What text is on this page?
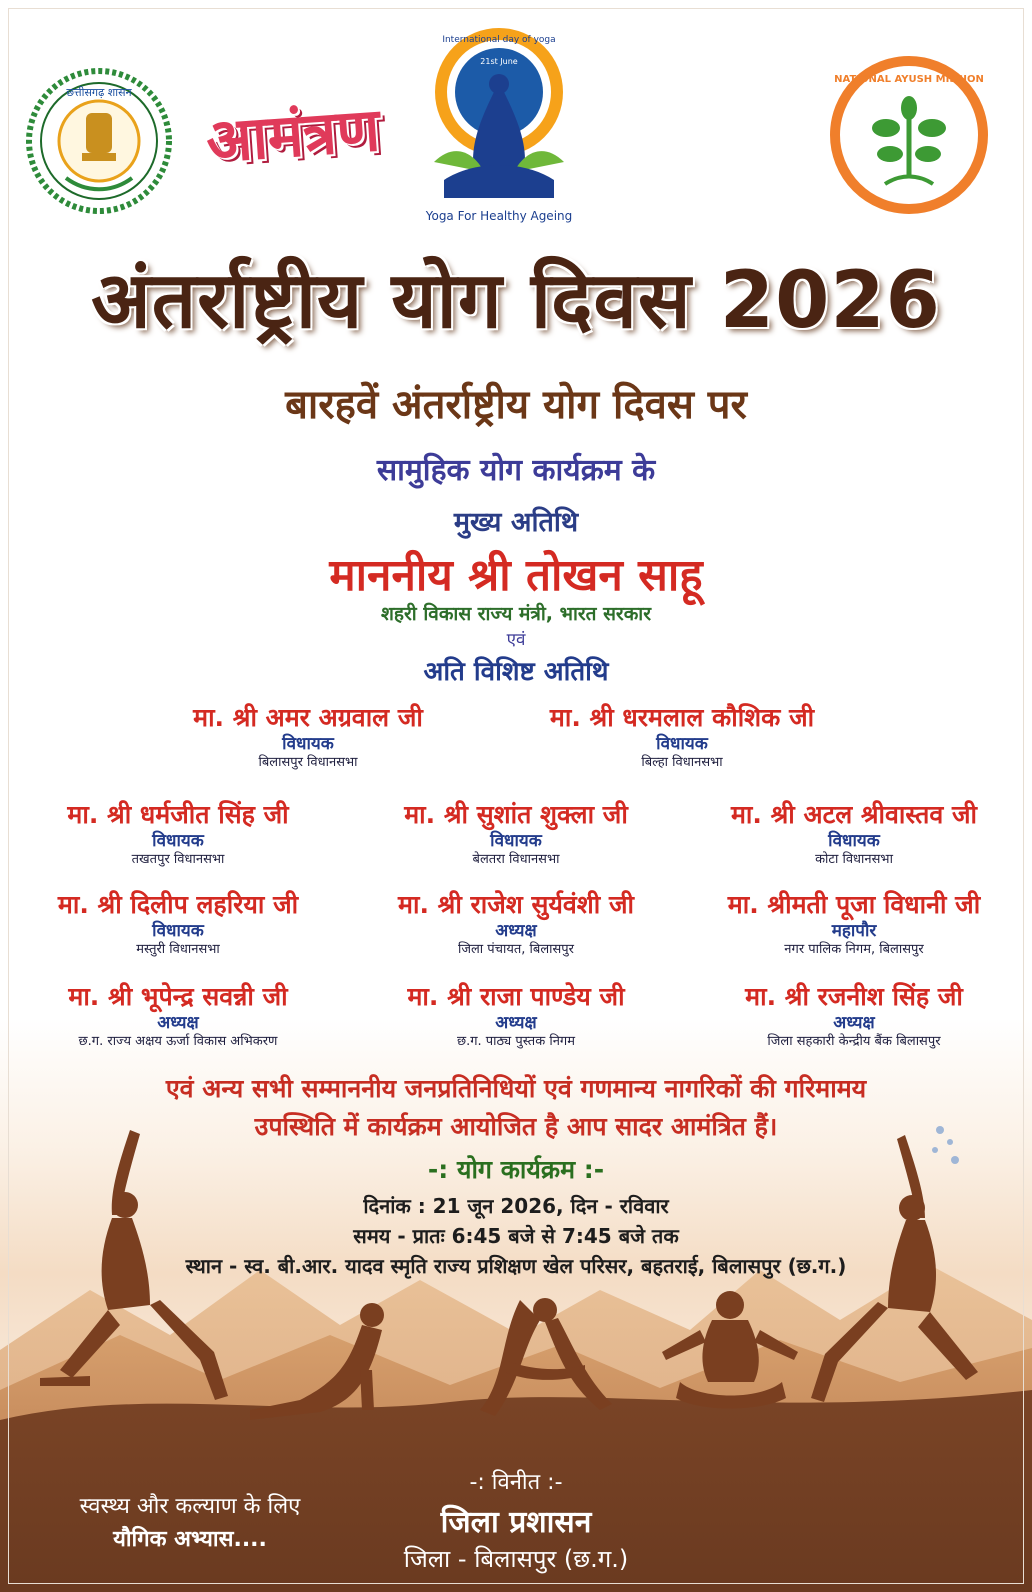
छत्तीसगढ़ शासन
आमंत्रण
International day of yoga
21st June
Yoga For Healthy Ageing
NATIONAL AYUSH MISSION
अंतर्राष्ट्रीय योग दिवस 2026
बारहवें अंतर्राष्ट्रीय योग दिवस पर
सामुहिक योग कार्यक्रम के
मुख्य अतिथि
माननीय श्री तोखन साहू
शहरी विकास राज्य मंत्री, भारत सरकार
एवं
अति विशिष्ट अतिथि
मा. श्री अमर अग्रवाल जी
विधायक
बिलासपुर विधानसभा
मा. श्री धरमलाल कौशिक जी
विधायक
बिल्हा विधानसभा
मा. श्री धर्मजीत सिंह जी
विधायक
तखतपुर विधानसभा
मा. श्री सुशांत शुक्ला जी
विधायक
बेलतरा विधानसभा
मा. श्री अटल श्रीवास्तव जी
विधायक
कोटा विधानसभा
मा. श्री दिलीप लहरिया जी
विधायक
मस्तुरी विधानसभा
मा. श्री राजेश सुर्यवंशी जी
अध्यक्ष
जिला पंचायत, बिलासपुर
मा. श्रीमती पूजा विधानी जी
महापौर
नगर पालिक निगम, बिलासपुर
मा. श्री भूपेन्द्र सवन्नी जी
अध्यक्ष
छ.ग. राज्य अक्षय ऊर्जा विकास अभिकरण
मा. श्री राजा पाण्डेय जी
अध्यक्ष
छ.ग. पाठ्य पुस्तक निगम
मा. श्री रजनीश सिंह जी
अध्यक्ष
जिला सहकारी केन्द्रीय बैंक बिलासपुर
एवं अन्य सभी सम्माननीय जनप्रतिनिधियों एवं गणमान्य नागरिकों की गरिमामय
उपस्थिति में कार्यक्रम आयोजित है आप सादर आमंत्रित हैं।
-: योग कार्यक्रम :-
दिनांक : 21 जून 2026, दिन - रविवार
समय - प्रातः 6:45 बजे से 7:45 बजे तक
स्थान - स्व. बी.आर. यादव स्मृति राज्य प्रशिक्षण खेल परिसर, बहतराई, बिलासपुर (छ.ग.)
स्वस्थ्य और कल्याण के लिए
यौगिक अभ्यास....
-: विनीत :-
जिला प्रशासन
जिला - बिलासपुर (छ.ग.)
